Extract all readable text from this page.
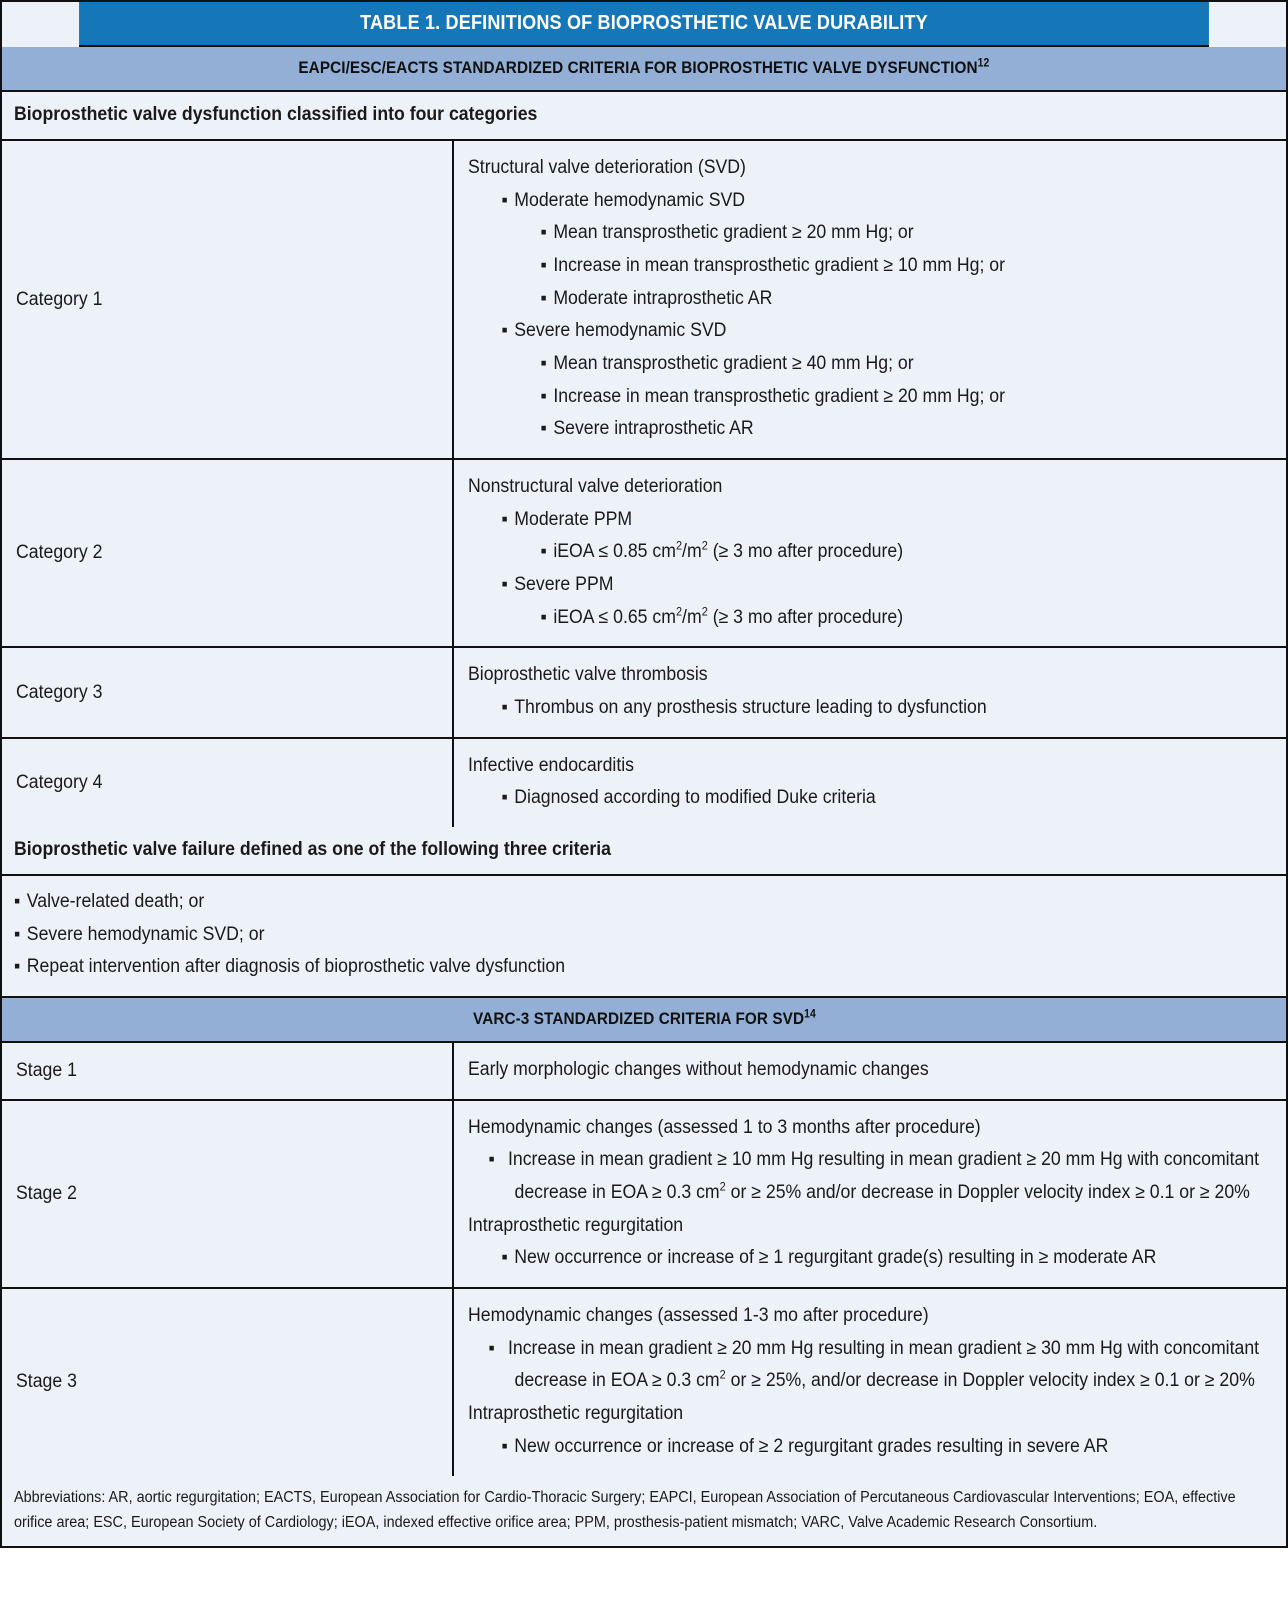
TABLE 1. DEFINITIONS OF BIOPROSTHETIC VALVE DURABILITY
EAPCI/ESC/EACTS STANDARDIZED CRITERIA FOR BIOPROSTHETIC VALVE DYSFUNCTION$^{12}$
Bioprosthetic valve dysfunction classified into four categories
Category 1
Structural valve deterioration (SVD)
▪ Moderate hemodynamic SVD
▪ Mean transprosthetic gradient ≥ 20 mm Hg; or
▪ Increase in mean transprosthetic gradient ≥ 10 mm Hg; or
▪ Moderate intraprosthetic AR
▪ Severe hemodynamic SVD
▪ Mean transprosthetic gradient ≥ 40 mm Hg; or
▪ Increase in mean transprosthetic gradient ≥ 20 mm Hg; or
▪ Severe intraprosthetic AR
Category 2
Nonstructural valve deterioration
▪ Moderate PPM
▪ iEOA ≤ 0.85 $cm^2/m^2$ (≥ 3 mo after procedure)
▪ Severe PPM
▪ iEOA ≤ 0.65 $cm^2/m^2$ (≥ 3 mo after procedure)
Category 3
Bioprosthetic valve thrombosis
▪ Thrombus on any prosthesis structure leading to dysfunction
Category 4
Infective endocarditis
▪ Diagnosed according to modified Duke criteria
Bioprosthetic valve failure defined as one of the following three criteria
▪ Valve-related death; or
▪ Severe hemodynamic SVD; or
▪ Repeat intervention after diagnosis of bioprosthetic valve dysfunction
VARC-3 STANDARDIZED CRITERIA FOR SVD$^{14}$
Stage 1	Early morphologic changes without hemodynamic changes
Stage 2
Hemodynamic changes (assessed 1 to 3 months after procedure)
▪ Increase in mean gradient ≥ 10 mm Hg resulting in mean gradient ≥ 20 mm Hg with concomitant decrease in EOA ≥ 0.3 $cm^2$ or ≥ 25% and/or decrease in Doppler velocity index ≥ 0.1 or ≥ 20%
Intraprosthetic regurgitation
▪ New occurrence or increase of ≥ 1 regurgitant grade(s) resulting in ≥ moderate AR
Stage 3
Hemodynamic changes (assessed 1-3 mo after procedure)
▪ Increase in mean gradient ≥ 20 mm Hg resulting in mean gradient ≥ 30 mm Hg with concomitant decrease in EOA ≥ 0.3 $cm^2$ or ≥ 25%, and/or decrease in Doppler velocity index ≥ 0.1 or ≥ 20%
Intraprosthetic regurgitation
▪ New occurrence or increase of ≥ 2 regurgitant grades resulting in severe AR
Abbreviations: AR, aortic regurgitation; EACTS, European Association for Cardio-Thoracic Surgery; EAPCI, European Association of Percutaneous Cardiovascular Interventions; EOA, effective orifice area; ESC, European Society of Cardiology; iEOA, indexed effective orifice area; PPM, prosthesis-patient mismatch; VARC, Valve Academic Research Consortium.
